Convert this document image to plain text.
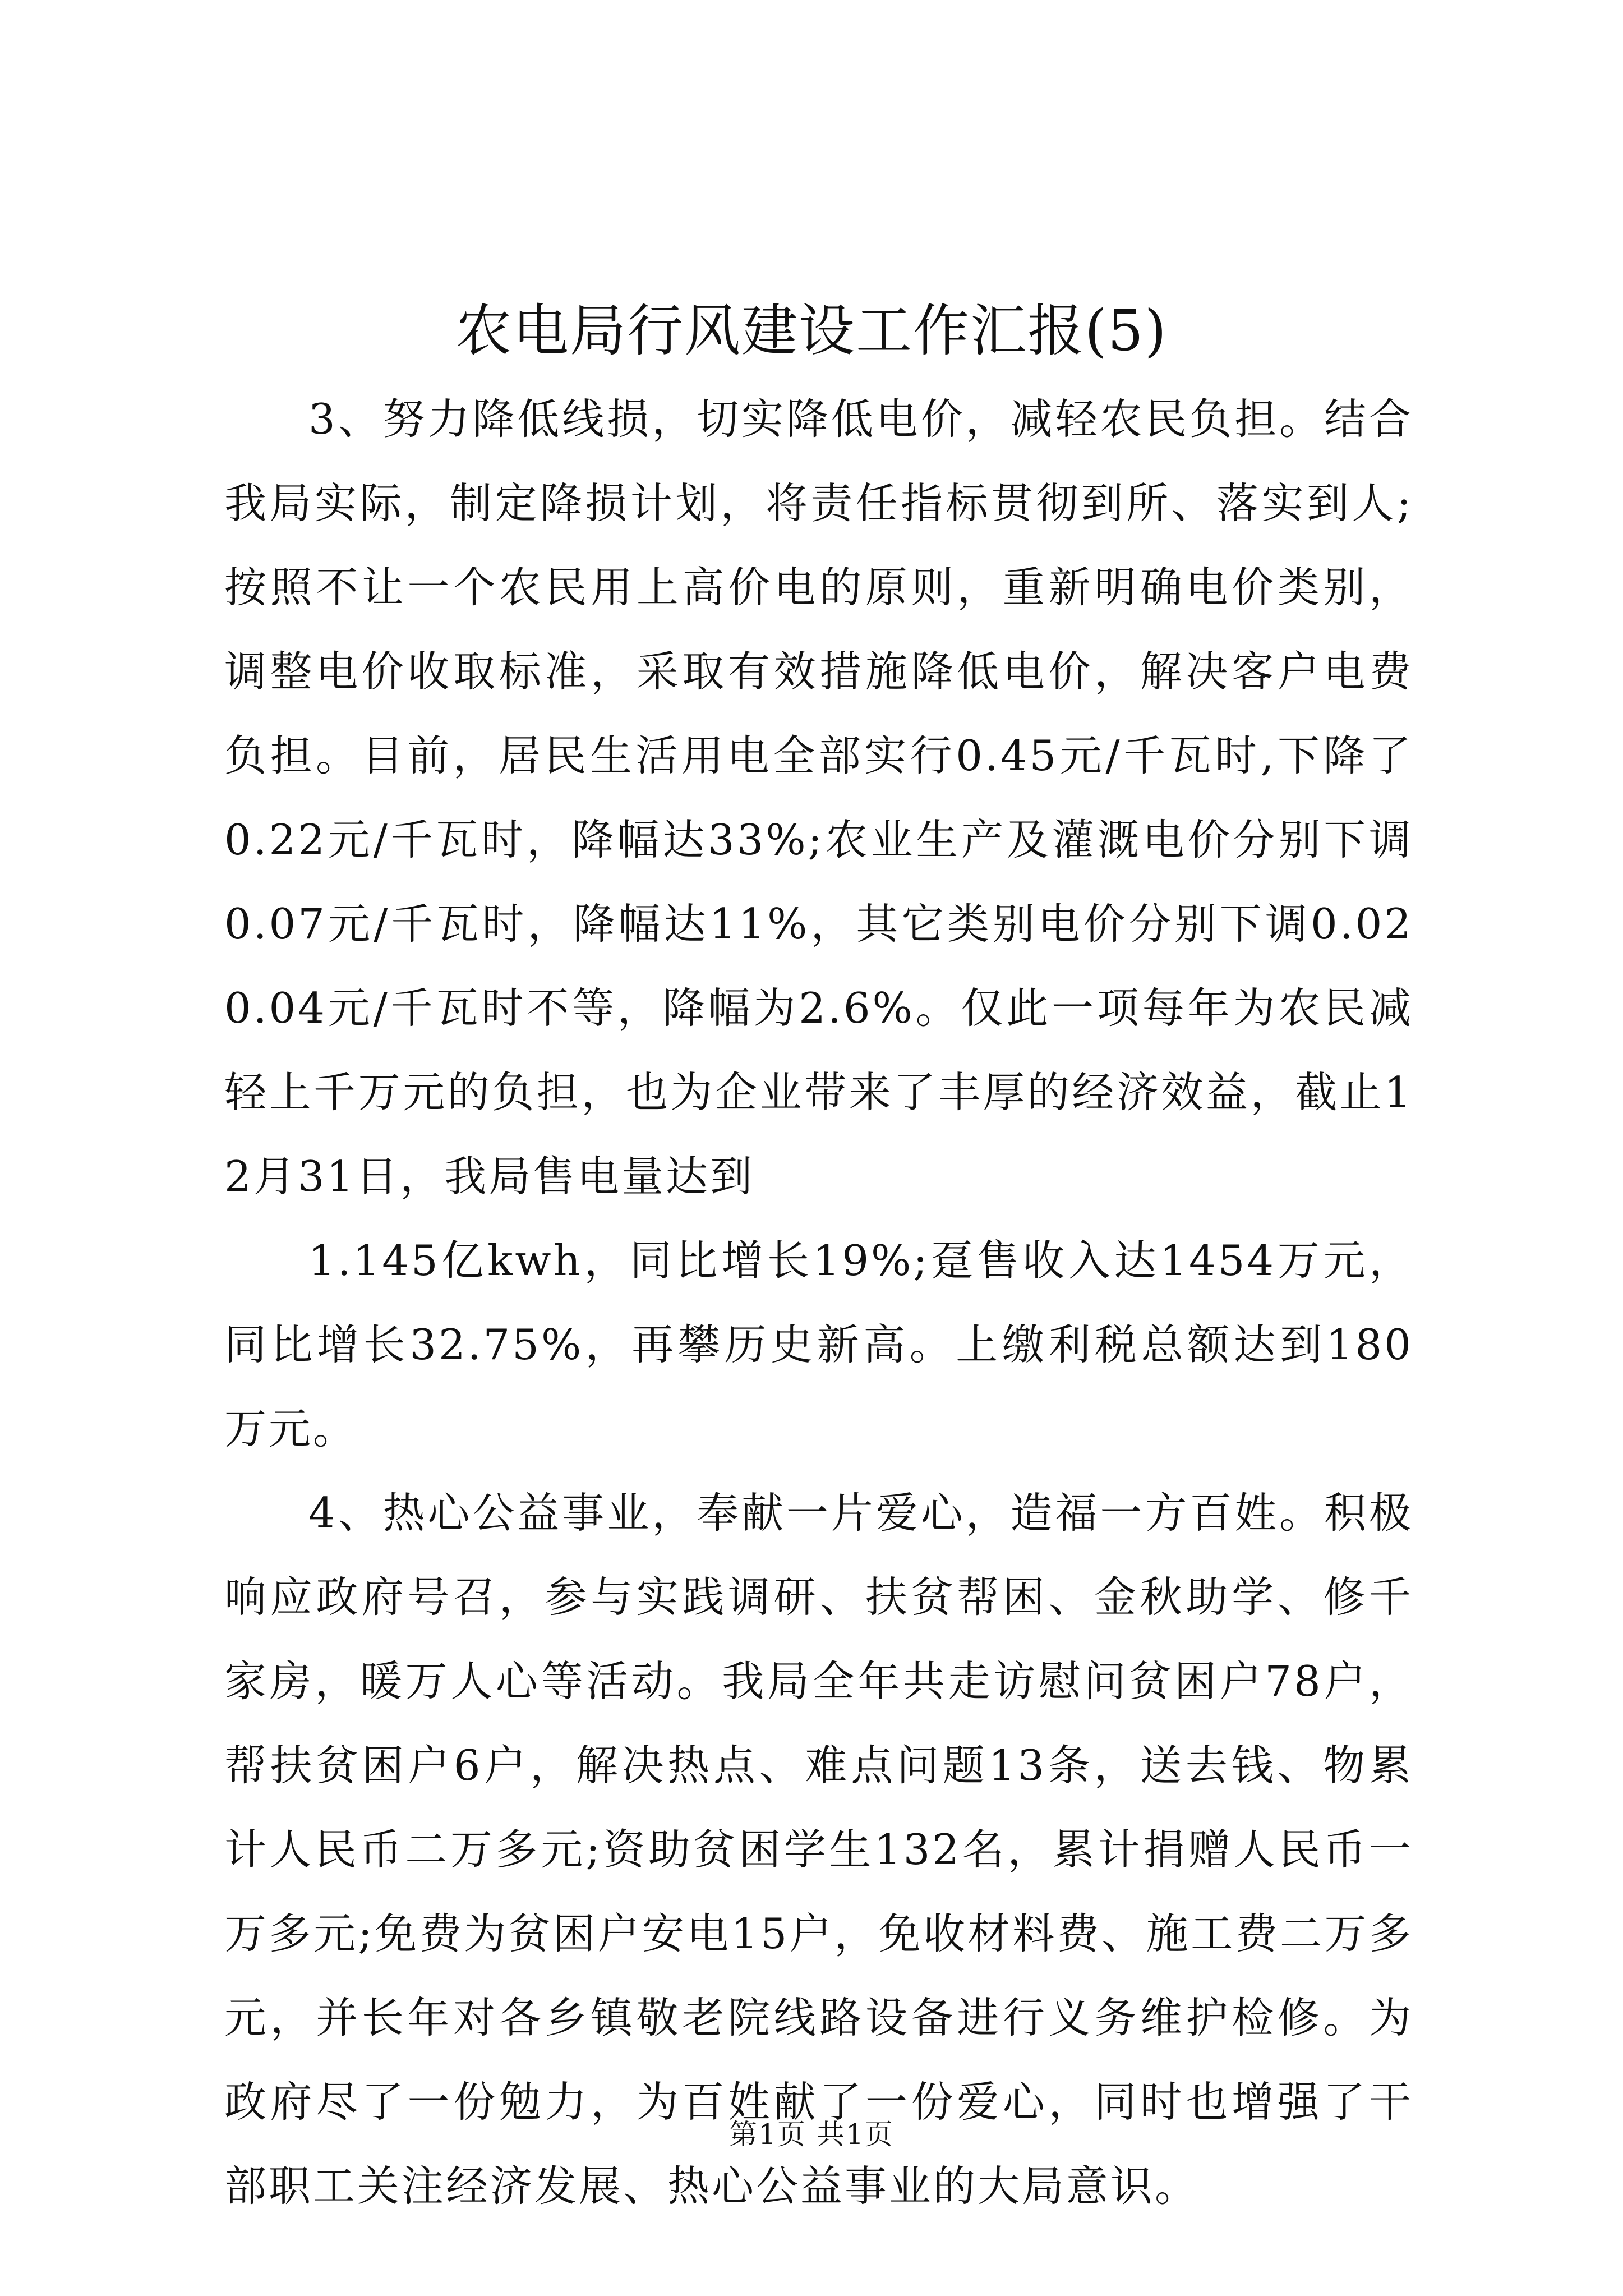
农电局行风建设工作汇报(5)

3、努力降低线损，切实降低电价，减轻农民负担。结合我局实际，制定降损计划，将责任指标贯彻到所、落实到人;按照不让一个农民用上高价电的原则，重新明确电价类别，调整电价收取标准，采取有效措施降低电价，解决客户电费负担。目前，居民生活用电全部实行0.45元/千瓦时,下降了0.22元/千瓦时，降幅达33%;农业生产及灌溉电价分别下调0.07元/千瓦时，降幅达11%，其它类别电价分别下调0.020.04元/千瓦时不等，降幅为2.6%。仅此一项每年为农民减轻上千万元的负担，也为企业带来了丰厚的经济效益，截止12月31日，我局售电量达到

1.145亿kwh，同比增长19%;趸售收入达1454万元，同比增长32.75%，再攀历史新高。上缴利税总额达到180万元。

4、热心公益事业，奉献一片爱心，造福一方百姓。积极响应政府号召，参与实践调研、扶贫帮困、金秋助学、修千家房，暖万人心等活动。我局全年共走访慰问贫困户78户，帮扶贫困户6户，解决热点、难点问题13条，送去钱、物累计人民币二万多元;资助贫困学生132名，累计捐赠人民币一万多元;免费为贫困户安电15户，免收材料费、施工费二万多元，并长年对各乡镇敬老院线路设备进行义务维护检修。为政府尽了一份勉力，为百姓献了一份爱心，同时也增强了干部职工关注经济发展、热心公益事业的大局意识。

第1页 共1页
